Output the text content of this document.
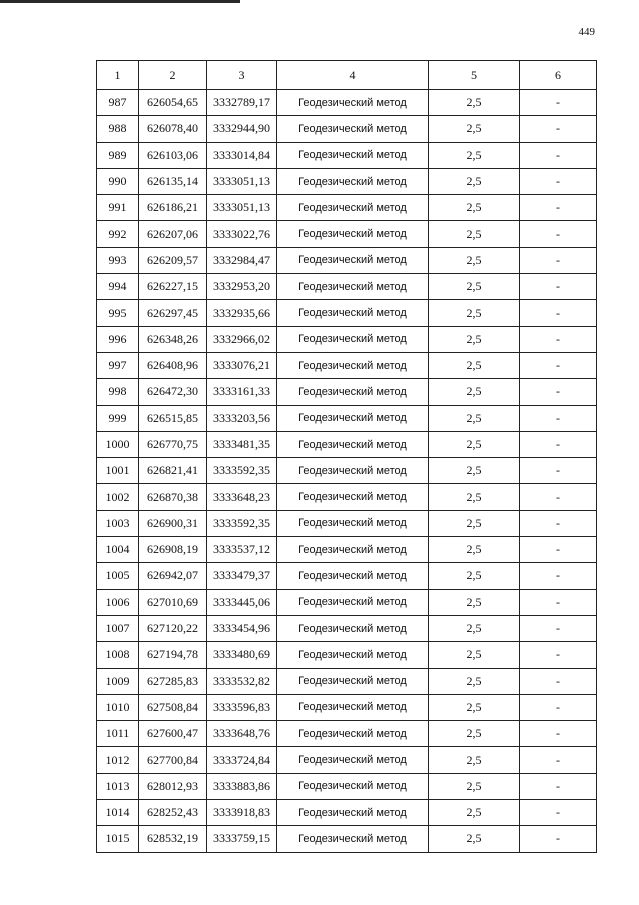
449
1	2	3	4	5	6
987	626054,65	3332789,17	Геодезический метод	2,5	-
988	626078,40	3332944,90	Геодезический метод	2,5	-
989	626103,06	3333014,84	Геодезический метод	2,5	-
990	626135,14	3333051,13	Геодезический метод	2,5	-
991	626186,21	3333051,13	Геодезический метод	2,5	-
992	626207,06	3333022,76	Геодезический метод	2,5	-
993	626209,57	3332984,47	Геодезический метод	2,5	-
994	626227,15	3332953,20	Геодезический метод	2,5	-
995	626297,45	3332935,66	Геодезический метод	2,5	-
996	626348,26	3332966,02	Геодезический метод	2,5	-
997	626408,96	3333076,21	Геодезический метод	2,5	-
998	626472,30	3333161,33	Геодезический метод	2,5	-
999	626515,85	3333203,56	Геодезический метод	2,5	-
1000	626770,75	3333481,35	Геодезический метод	2,5	-
1001	626821,41	3333592,35	Геодезический метод	2,5	-
1002	626870,38	3333648,23	Геодезический метод	2,5	-
1003	626900,31	3333592,35	Геодезический метод	2,5	-
1004	626908,19	3333537,12	Геодезический метод	2,5	-
1005	626942,07	3333479,37	Геодезический метод	2,5	-
1006	627010,69	3333445,06	Геодезический метод	2,5	-
1007	627120,22	3333454,96	Геодезический метод	2,5	-
1008	627194,78	3333480,69	Геодезический метод	2,5	-
1009	627285,83	3333532,82	Геодезический метод	2,5	-
1010	627508,84	3333596,83	Геодезический метод	2,5	-
1011	627600,47	3333648,76	Геодезический метод	2,5	-
1012	627700,84	3333724,84	Геодезический метод	2,5	-
1013	628012,93	3333883,86	Геодезический метод	2,5	-
1014	628252,43	3333918,83	Геодезический метод	2,5	-
1015	628532,19	3333759,15	Геодезический метод	2,5	-
